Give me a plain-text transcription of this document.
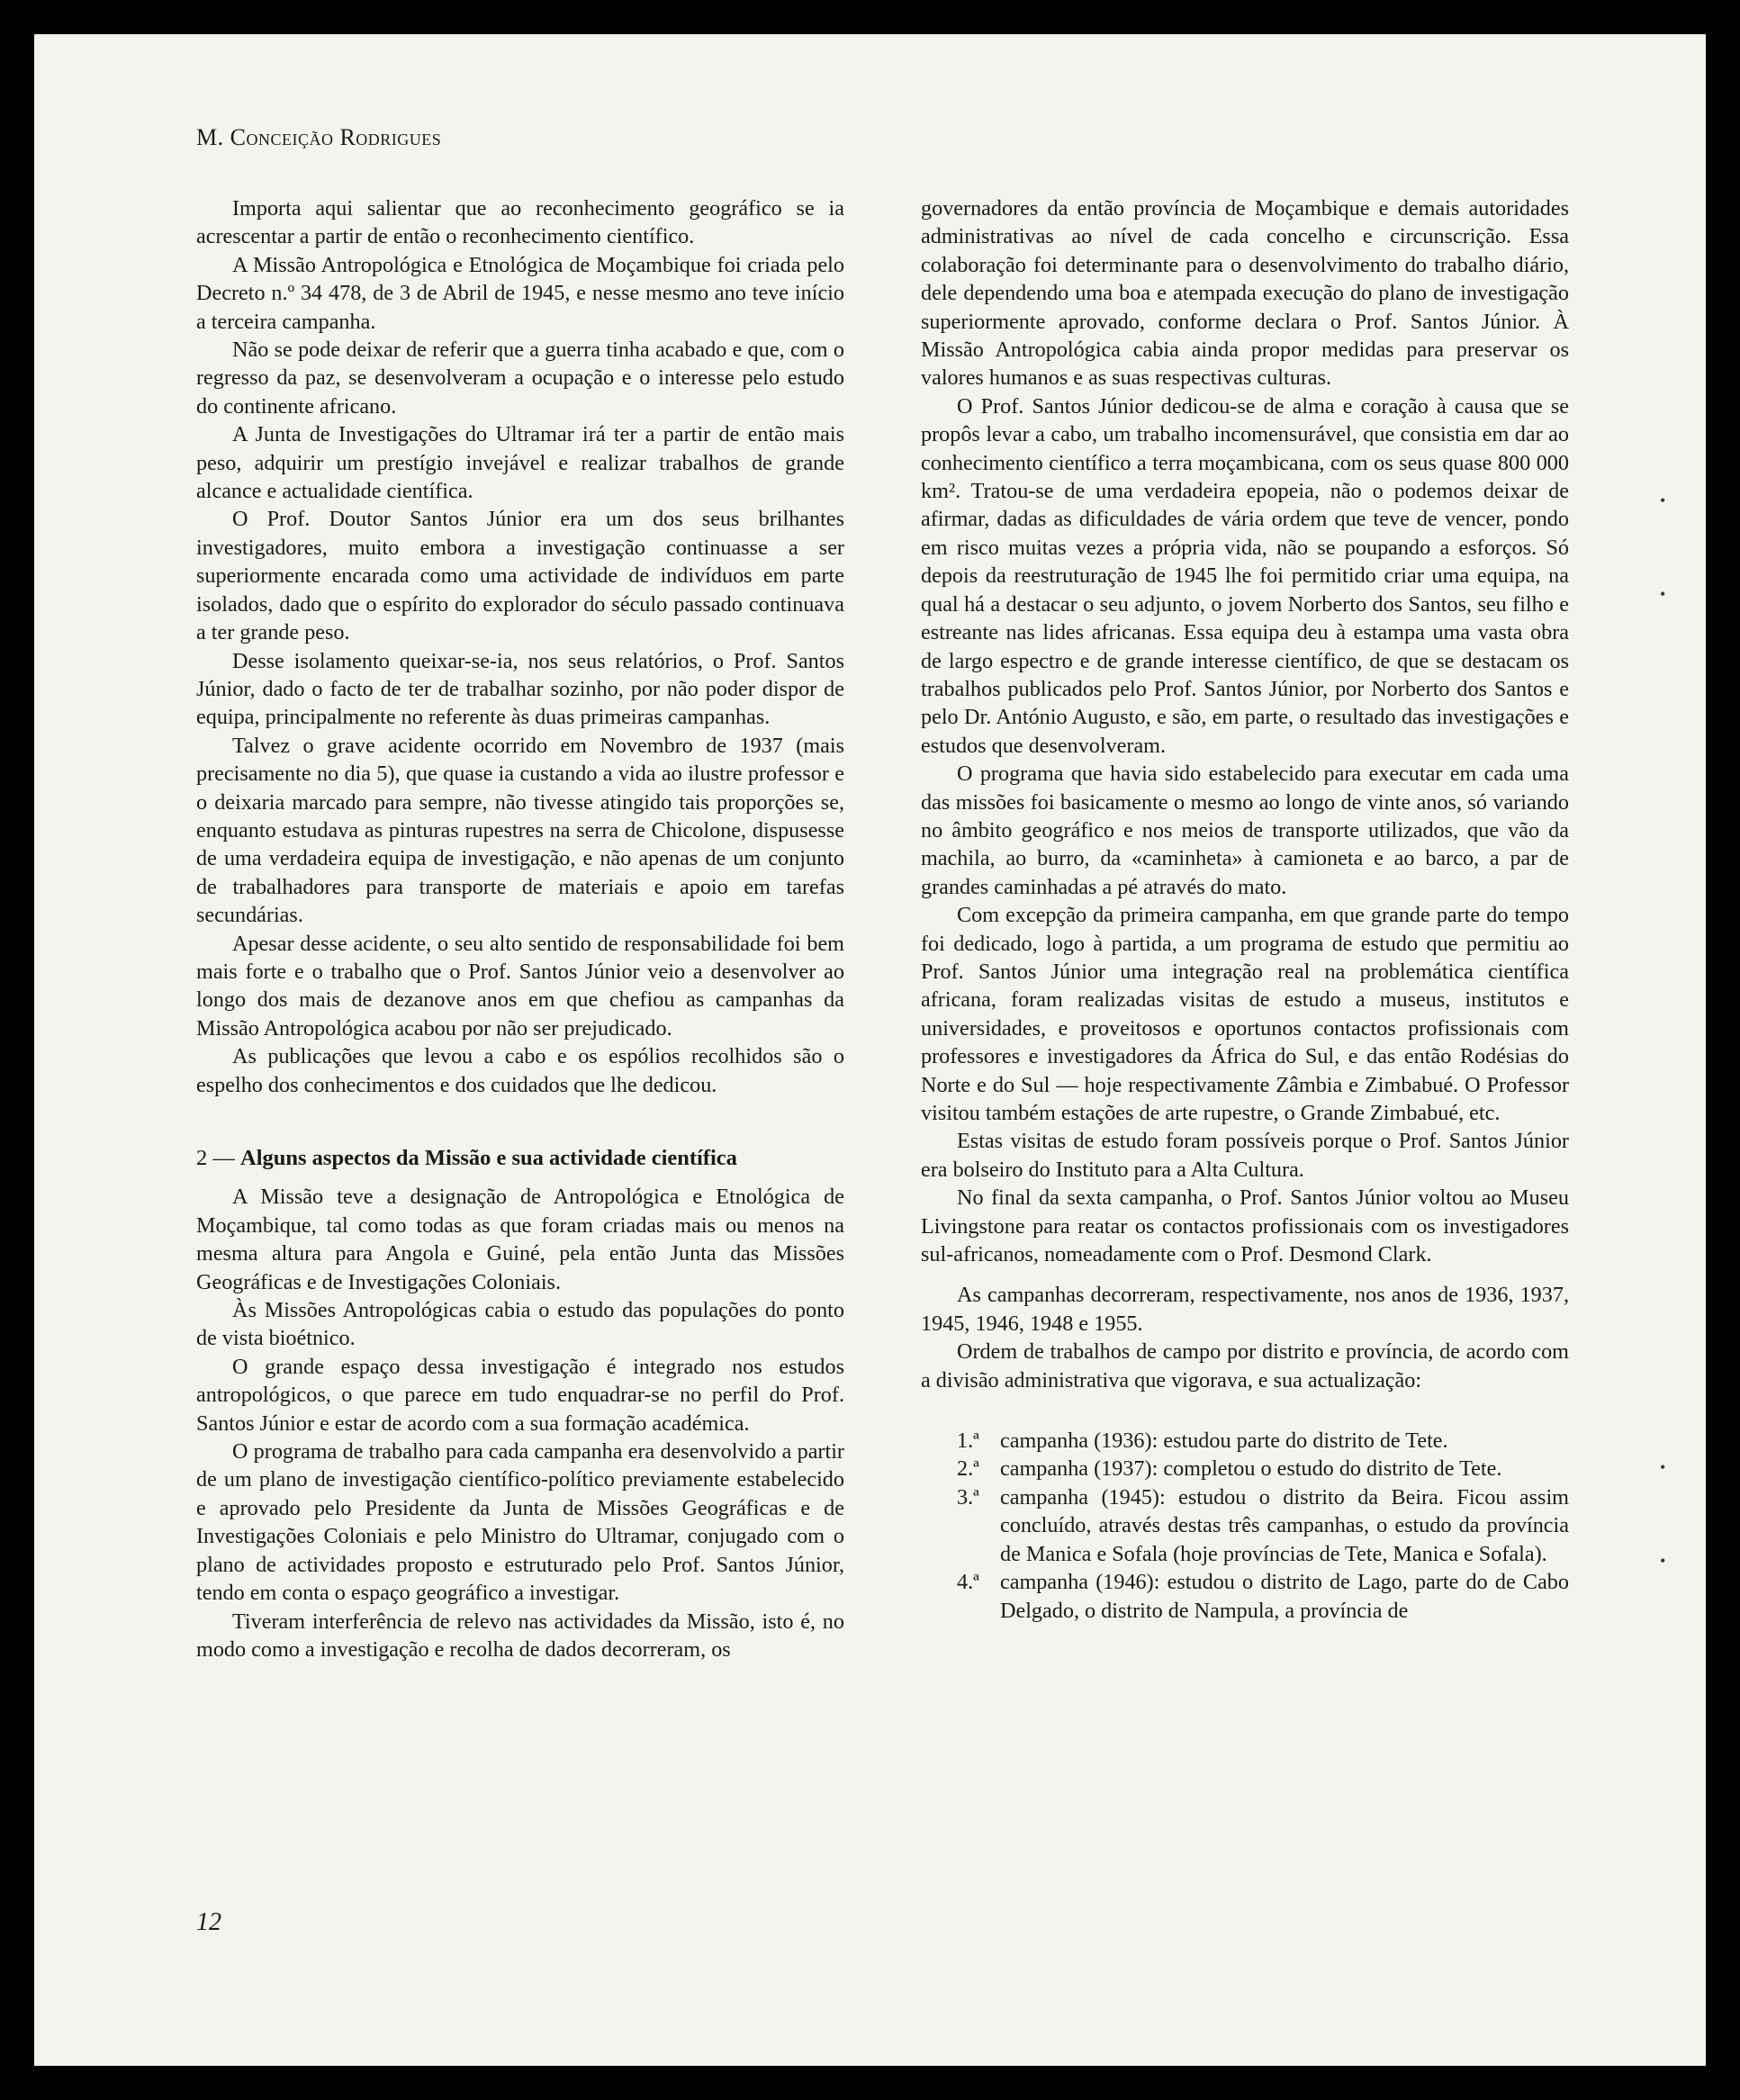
M. Conceição Rodrigues

Importa aqui salientar que ao reconhecimento geográfico se ia acrescentar a partir de então o reconhecimento científico.

A Missão Antropológica e Etnológica de Moçambique foi criada pelo Decreto n.º 34 478, de 3 de Abril de 1945, e nesse mesmo ano teve início a terceira campanha.

Não se pode deixar de referir que a guerra tinha acabado e que, com o regresso da paz, se desenvolveram a ocupação e o interesse pelo estudo do continente africano.

A Junta de Investigações do Ultramar irá ter a partir de então mais peso, adquirir um prestígio invejável e realizar trabalhos de grande alcance e actualidade científica.

O Prof. Doutor Santos Júnior era um dos seus brilhantes investigadores, muito embora a investigação continuasse a ser superiormente encarada como uma actividade de indivíduos em parte isolados, dado que o espírito do explorador do século passado continuava a ter grande peso.

Desse isolamento queixar-se-ia, nos seus relatórios, o Prof. Santos Júnior, dado o facto de ter de trabalhar sozinho, por não poder dispor de equipa, principalmente no referente às duas primeiras campanhas.

Talvez o grave acidente ocorrido em Novembro de 1937 (mais precisamente no dia 5), que quase ia custando a vida ao ilustre professor e o deixaria marcado para sempre, não tivesse atingido tais proporções se, enquanto estudava as pinturas rupestres na serra de Chicolone, dispusesse de uma verdadeira equipa de investigação, e não apenas de um conjunto de trabalhadores para transporte de materiais e apoio em tarefas secundárias.

Apesar desse acidente, o seu alto sentido de responsabilidade foi bem mais forte e o trabalho que o Prof. Santos Júnior veio a desenvolver ao longo dos mais de dezanove anos em que chefiou as campanhas da Missão Antropológica acabou por não ser prejudicado.

As publicações que levou a cabo e os espólios recolhidos são o espelho dos conhecimentos e dos cuidados que lhe dedicou.

2 — Alguns aspectos da Missão e sua actividade científica

A Missão teve a designação de Antropológica e Etnológica de Moçambique, tal como todas as que foram criadas mais ou menos na mesma altura para Angola e Guiné, pela então Junta das Missões Geográficas e de Investigações Coloniais.

Às Missões Antropológicas cabia o estudo das populações do ponto de vista bioétnico.

O grande espaço dessa investigação é integrado nos estudos antropológicos, o que parece em tudo enquadrar-se no perfil do Prof. Santos Júnior e estar de acordo com a sua formação académica.

O programa de trabalho para cada campanha era desenvolvido a partir de um plano de investigação científico-político previamente estabelecido e aprovado pelo Presidente da Junta de Missões Geográficas e de Investigações Coloniais e pelo Ministro do Ultramar, conjugado com o plano de actividades proposto e estruturado pelo Prof. Santos Júnior, tendo em conta o espaço geográfico a investigar.

Tiveram interferência de relevo nas actividades da Missão, isto é, no modo como a investigação e recolha de dados decorreram, os

governadores da então província de Moçambique e demais autoridades administrativas ao nível de cada concelho e circunscrição. Essa colaboração foi determinante para o desenvolvimento do trabalho diário, dele dependendo uma boa e atempada execução do plano de investigação superiormente aprovado, conforme declara o Prof. Santos Júnior. À Missão Antropológica cabia ainda propor medidas para preservar os valores humanos e as suas respectivas culturas.

O Prof. Santos Júnior dedicou-se de alma e coração à causa que se propôs levar a cabo, um trabalho incomensurável, que consistia em dar ao conhecimento científico a terra moçambicana, com os seus quase 800 000 km². Tratou-se de uma verdadeira epopeia, não o podemos deixar de afirmar, dadas as dificuldades de vária ordem que teve de vencer, pondo em risco muitas vezes a própria vida, não se poupando a esforços. Só depois da reestruturação de 1945 lhe foi permitido criar uma equipa, na qual há a destacar o seu adjunto, o jovem Norberto dos Santos, seu filho e estreante nas lides africanas. Essa equipa deu à estampa uma vasta obra de largo espectro e de grande interesse científico, de que se destacam os trabalhos publicados pelo Prof. Santos Júnior, por Norberto dos Santos e pelo Dr. António Augusto, e são, em parte, o resultado das investigações e estudos que desenvolveram.

O programa que havia sido estabelecido para executar em cada uma das missões foi basicamente o mesmo ao longo de vinte anos, só variando no âmbito geográfico e nos meios de transporte utilizados, que vão da machila, ao burro, da «caminheta» à camioneta e ao barco, a par de grandes caminhadas a pé através do mato.

Com excepção da primeira campanha, em que grande parte do tempo foi dedicado, logo à partida, a um programa de estudo que permitiu ao Prof. Santos Júnior uma integração real na problemática científica africana, foram realizadas visitas de estudo a museus, institutos e universidades, e proveitosos e oportunos contactos profissionais com professores e investigadores da África do Sul, e das então Rodésias do Norte e do Sul — hoje respectivamente Zâmbia e Zimbabué. O Professor visitou também estações de arte rupestre, o Grande Zimbabué, etc.

Estas visitas de estudo foram possíveis porque o Prof. Santos Júnior era bolseiro do Instituto para a Alta Cultura.

No final da sexta campanha, o Prof. Santos Júnior voltou ao Museu Livingstone para reatar os contactos profissionais com os investigadores sul-africanos, nomeadamente com o Prof. Desmond Clark.

As campanhas decorreram, respectivamente, nos anos de 1936, 1937, 1945, 1946, 1948 e 1955.

Ordem de trabalhos de campo por distrito e província, de acordo com a divisão administrativa que vigorava, e sua actualização:

1.ª campanha (1936): estudou parte do distrito de Tete.
2.ª campanha (1937): completou o estudo do distrito de Tete.
3.ª campanha (1945): estudou o distrito da Beira. Ficou assim concluído, através destas três campanhas, o estudo da província de Manica e Sofala (hoje províncias de Tete, Manica e Sofala).
4.ª campanha (1946): estudou o distrito de Lago, parte do de Cabo Delgado, o distrito de Nampula, a província de
12
•
•
•
•
